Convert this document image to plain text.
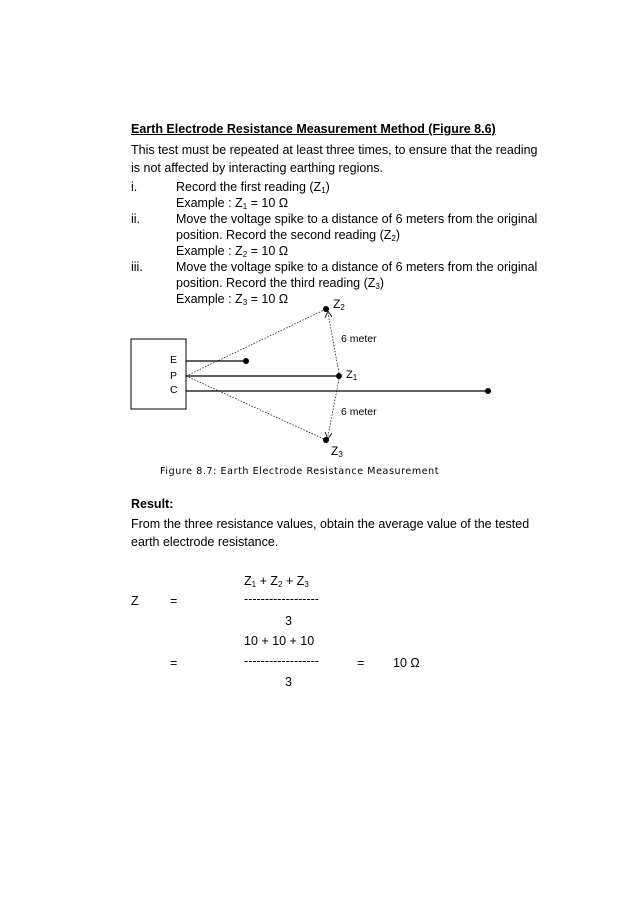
Earth Electrode Resistance Measurement Method (Figure 8.6)
This test must be repeated at least three times, to ensure that the reading is not affected by interacting earthing regions.
i.	Record the first reading $(Z_1)$
Example : $Z_1 = 10$ Ω
ii.	Move the voltage spike to a distance of 6 meters from the original
position. Record the second reading $(Z_2)$
Example : $Z_2 = 10$ Ω
iii.	Move the voltage spike to a distance of 6 meters from the original
position. Record the third reading $(Z_3)$
Example : $Z_3 = 10$ Ω
E
P
C
$Z_2$
$Z_1$
$Z_3$
6 meter
6 meter
Figure 8.7: Earth Electrode Resistance Measurement
Result:
From the three resistance values, obtain the average value of the tested earth electrode resistance.
$Z_1 + Z_2 + Z_3$
Z	=	------------------
3
10 + 10 + 10
=	------------------	= 10 Ω
3
